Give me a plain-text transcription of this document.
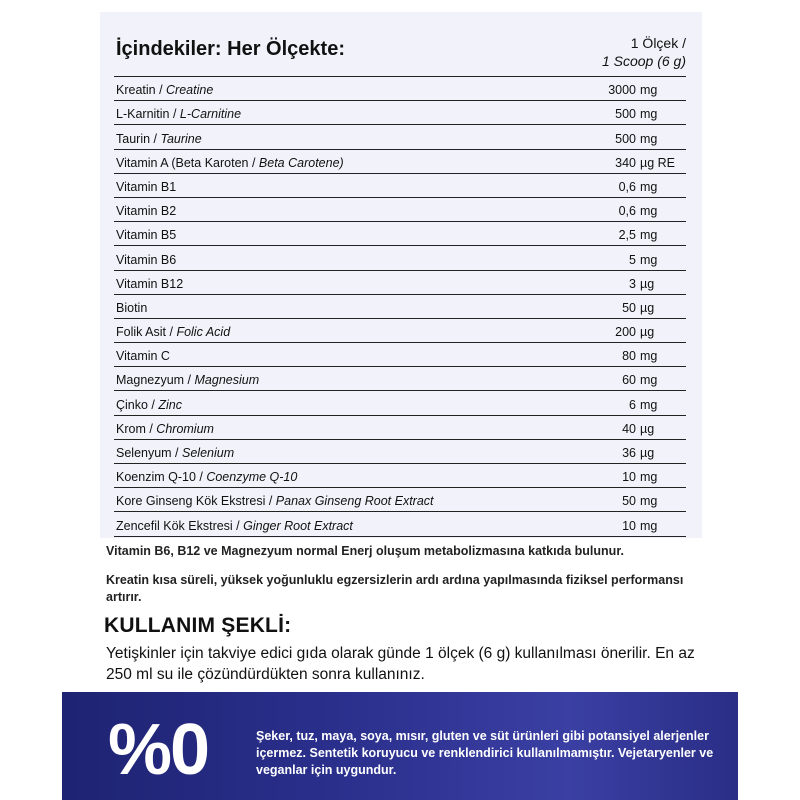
İçindekiler: Her Ölçekte:	1 Ölçek /
1 Scoop (6 g)
Kreatin / Creatine	3000 mg
L-Karnitin / L-Carnitine	500 mg
Taurin / Taurine	500 mg
Vitamin A (Beta Karoten / Beta Carotene)	340 µg RE
Vitamin B1	0,6 mg
Vitamin B2	0,6 mg
Vitamin B5	2,5 mg
Vitamin B6	5 mg
Vitamin B12	3 µg
Biotin	50 µg
Folik Asit / Folic Acid	200 µg
Vitamin C	80 mg
Magnezyum / Magnesium	60 mg
Çinko / Zinc	6 mg
Krom / Chromium	40 µg
Selenyum / Selenium	36 µg
Koenzim Q-10 / Coenzyme Q-10	10 mg
Kore Ginseng Kök Ekstresi / Panax Ginseng Root Extract	50 mg
Zencefil Kök Ekstresi / Ginger Root Extract	10 mg
Vitamin B6, B12 ve Magnezyum normal Enerj oluşum metabolizmasına katkıda bulunur.
Kreatin kısa süreli, yüksek yoğunluklu egzersizlerin ardı ardına yapılmasında fiziksel performansı artırır.
KULLANIM ŞEKLİ:
Yetişkinler için takviye edici gıda olarak günde 1 ölçek (6 g) kullanılması önerilir. En az 250 ml su ile çözündürdükten sonra kullanınız.
%0	Şeker, tuz, maya, soya, mısır, gluten ve süt ürünleri gibi potansiyel alerjenler içermez. Sentetik koruyucu ve renklendirici kullanılmamıştır. Vejetaryenler ve veganlar için uygundur.
